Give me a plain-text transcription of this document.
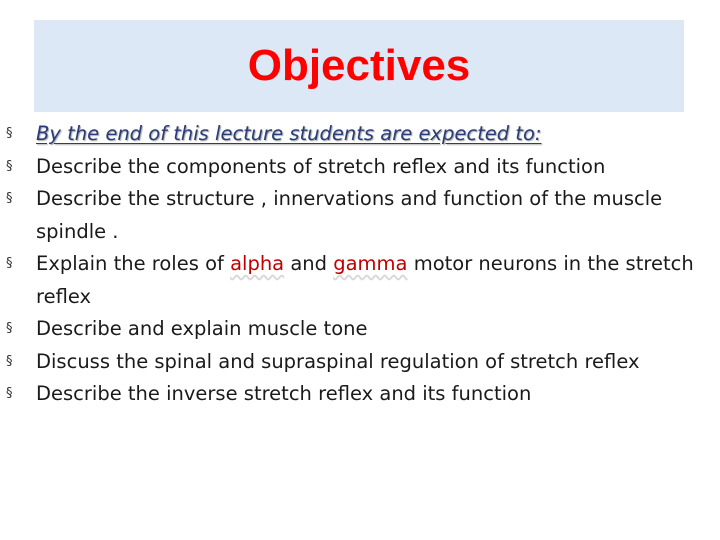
Objectives
§ By the end of this lecture students are expected to:
§ Describe the components of stretch reflex and its function
§ Describe the structure , innervations and function of the muscle spindle .
§ Explain the roles of alpha and gamma motor neurons in the stretch reflex
§ Describe and explain muscle tone
§ Discuss the spinal and supraspinal regulation of stretch reflex
§ Describe the inverse stretch reflex and its function
